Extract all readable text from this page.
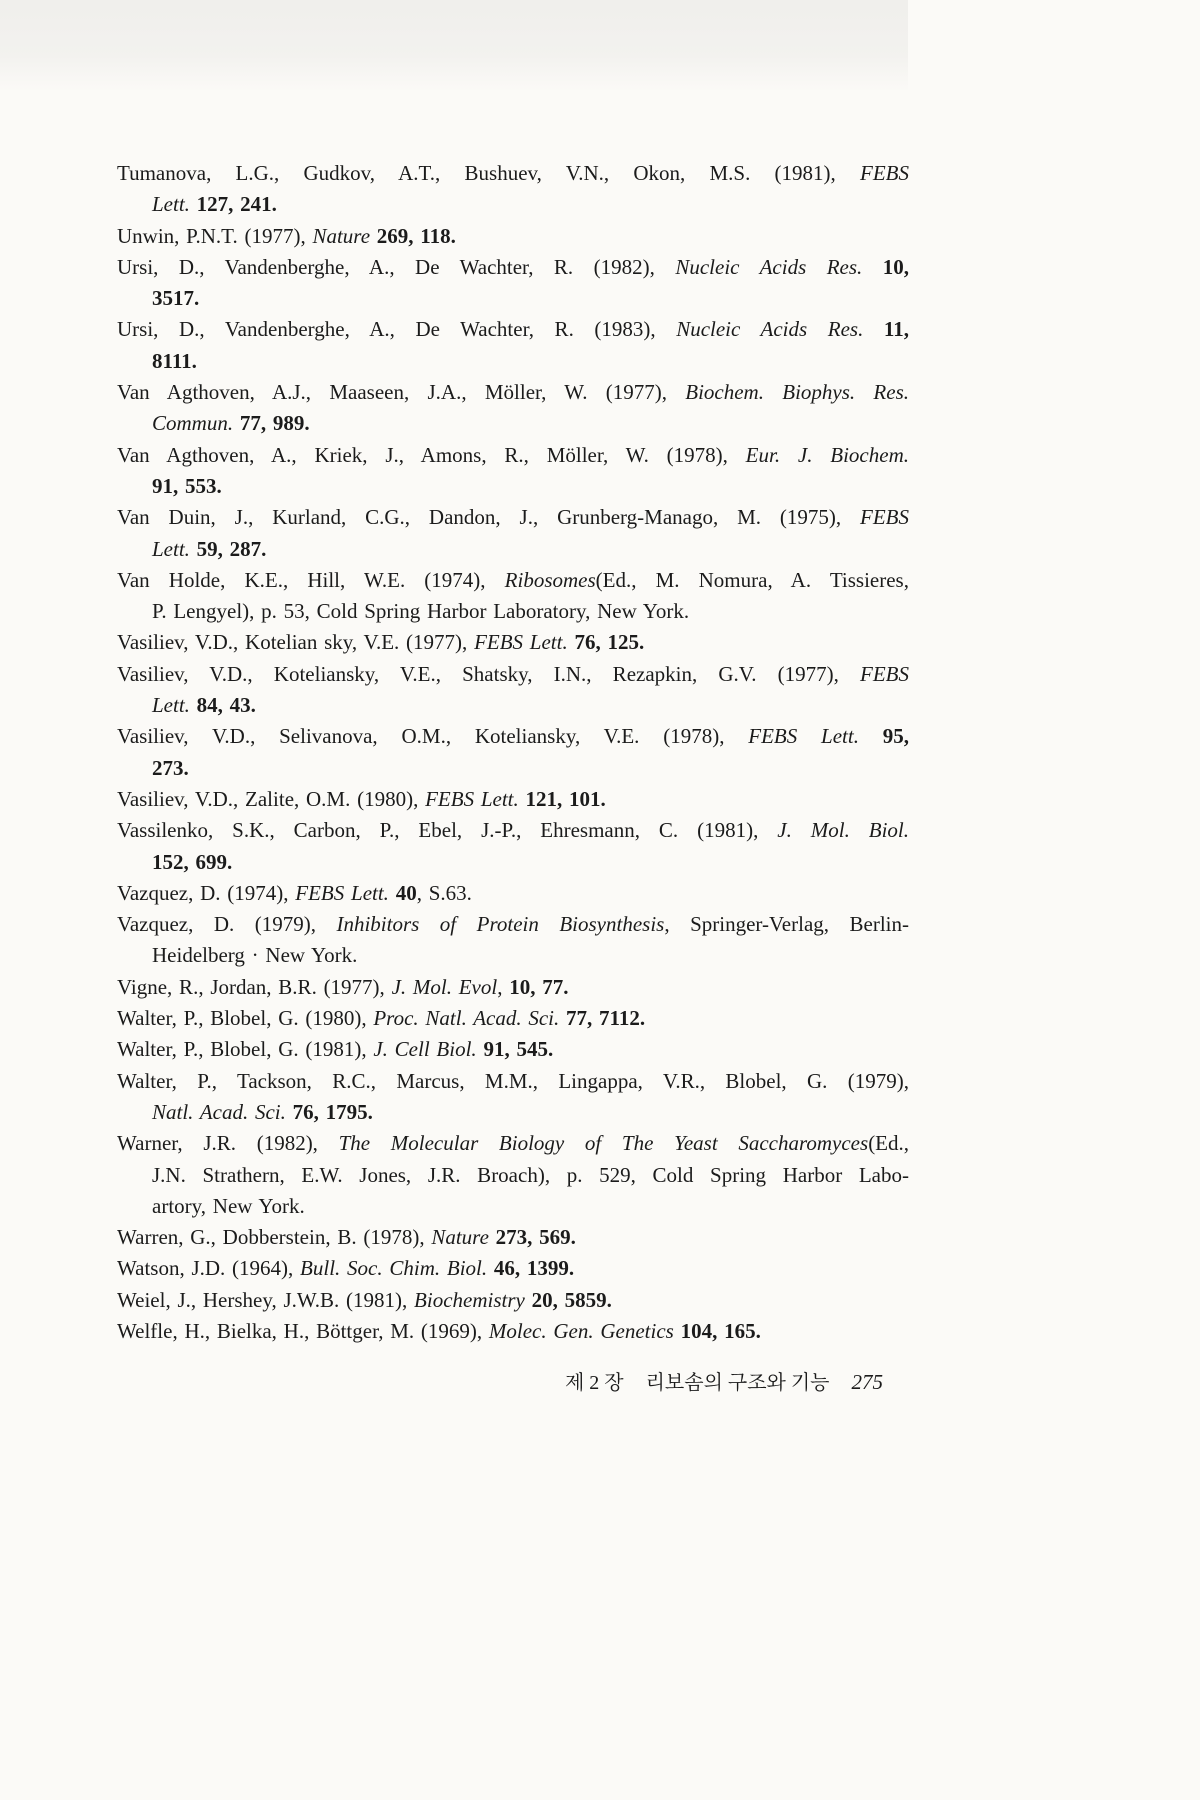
Tumanova, L.G., Gudkov, A.T., Bushuev, V.N., Okon, M.S. (1981), FEBS
Lett. 127, 241.
Unwin, P.N.T. (1977), Nature 269, 118.
Ursi, D., Vandenberghe, A., De Wachter, R. (1982), Nucleic Acids Res. 10,
3517.
Ursi, D., Vandenberghe, A., De Wachter, R. (1983), Nucleic Acids Res. 11,
8111.
Van Agthoven, A.J., Maaseen, J.A., Möller, W. (1977), Biochem. Biophys. Res.
Commun. 77, 989.
Van Agthoven, A., Kriek, J., Amons, R., Möller, W. (1978), Eur. J. Biochem.
91, 553.
Van Duin, J., Kurland, C.G., Dandon, J., Grunberg-Manago, M. (1975), FEBS
Lett. 59, 287.
Van Holde, K.E., Hill, W.E. (1974), Ribosomes(Ed., M. Nomura, A. Tissieres,
P. Lengyel), p. 53, Cold Spring Harbor Laboratory, New York.
Vasiliev, V.D., Kotelian sky, V.E. (1977), FEBS Lett. 76, 125.
Vasiliev, V.D., Koteliansky, V.E., Shatsky, I.N., Rezapkin, G.V. (1977), FEBS
Lett. 84, 43.
Vasiliev, V.D., Selivanova, O.M., Koteliansky, V.E. (1978), FEBS Lett. 95,
273.
Vasiliev, V.D., Zalite, O.M. (1980), FEBS Lett. 121, 101.
Vassilenko, S.K., Carbon, P., Ebel, J.-P., Ehresmann, C. (1981), J. Mol. Biol.
152, 699.
Vazquez, D. (1974), FEBS Lett. 40, S.63.
Vazquez, D. (1979), Inhibitors of Protein Biosynthesis, Springer-Verlag, Berlin-
Heidelberg · New York.
Vigne, R., Jordan, B.R. (1977), J. Mol. Evol, 10, 77.
Walter, P., Blobel, G. (1980), Proc. Natl. Acad. Sci. 77, 7112.
Walter, P., Blobel, G. (1981), J. Cell Biol. 91, 545.
Walter, P., Tackson, R.C., Marcus, M.M., Lingappa, V.R., Blobel, G. (1979),
Natl. Acad. Sci. 76, 1795.
Warner, J.R. (1982), The Molecular Biology of The Yeast Saccharomyces(Ed.,
J.N. Strathern, E.W. Jones, J.R. Broach), p. 529, Cold Spring Harbor Labo-
artory, New York.
Warren, G., Dobberstein, B. (1978), Nature 273, 569.
Watson, J.D. (1964), Bull. Soc. Chim. Biol. 46, 1399.
Weiel, J., Hershey, J.W.B. (1981), Biochemistry 20, 5859.
Welfle, H., Bielka, H., Böttger, M. (1969), Molec. Gen. Genetics 104, 165.
제 2 장 리보솜의 구조와 기능 275
